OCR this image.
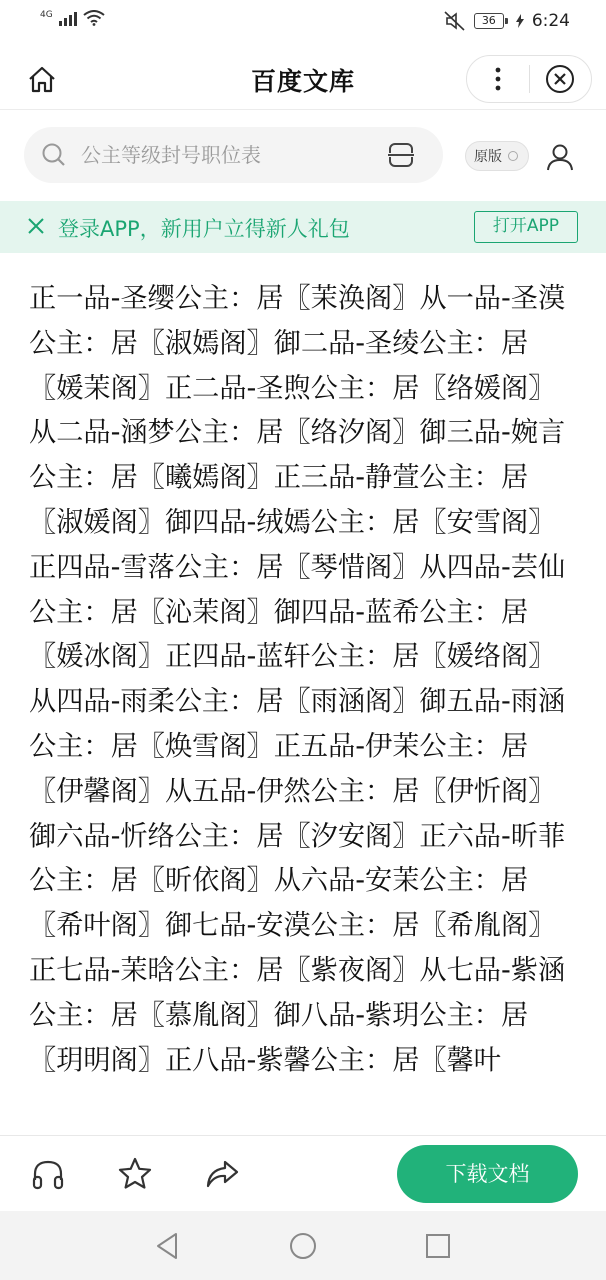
4G	36	6:24
百度文库
公主等级封号职位表
原版
登录APP，新用户立得新人礼包	打开APP
正一品-圣缨公主：居〖茉涣阁〗从一品-圣漠公主：居〖淑嫣阁〗御二品-圣绫公主：居〖媛茉阁〗正二品-圣煦公主：居〖络媛阁〗从二品-涵梦公主：居〖络汐阁〗御三品-婉言公主：居〖曦嫣阁〗正三品-静萱公主：居〖淑媛阁〗御四品-绒嫣公主：居〖安雪阁〗正四品-雪落公主：居〖琴惜阁〗从四品-芸仙公主：居〖沁茉阁〗御四品-蓝希公主：居〖媛冰阁〗正四品-蓝轩公主：居〖媛络阁〗从四品-雨柔公主：居〖雨涵阁〗御五品-雨涵公主：居〖焕雪阁〗正五品-伊茉公主：居〖伊馨阁〗从五品-伊然公主：居〖伊忻阁〗御六品-忻络公主：居〖汐安阁〗正六品-昕菲公主：居〖昕依阁〗从六品-安茉公主：居〖希叶阁〗御七品-安漠公主：居〖希胤阁〗正七品-茉晗公主：居〖紫夜阁〗从七品-紫涵公主：居〖慕胤阁〗御八品-紫玥公主：居〖玥明阁〗正八品-紫馨公主：居〖馨叶
下载文档
